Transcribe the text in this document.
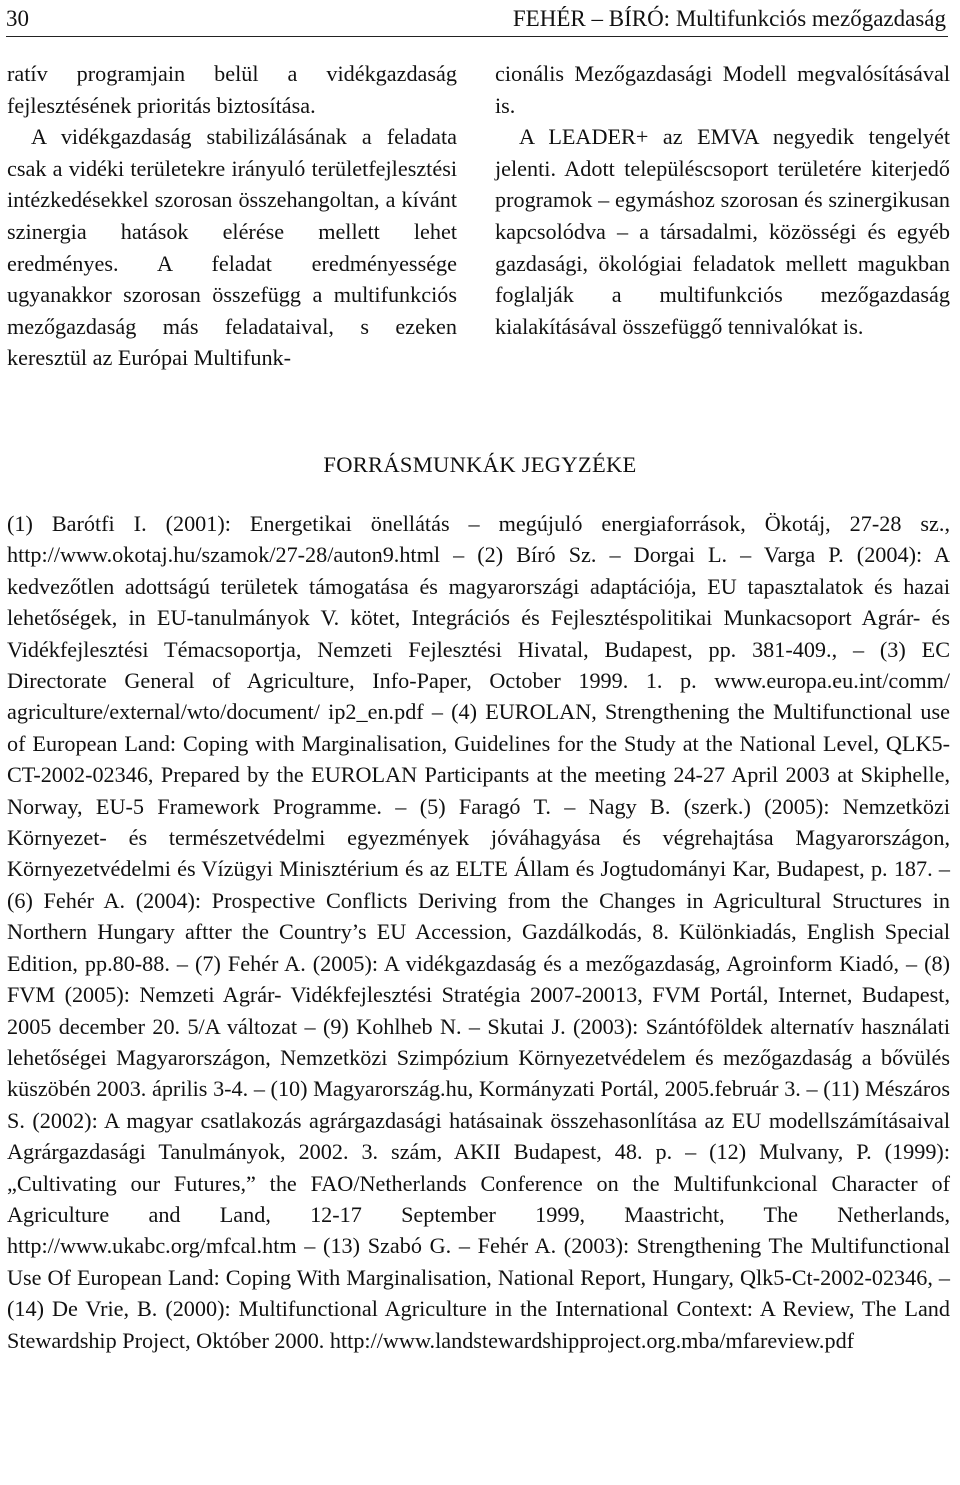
30	FEHÉR – BÍRÓ: Multifunkciós mezőgazdaság

ratív programjain belül a vidékgazdaság fejlesztésének prioritás biztosítása.

A vidékgazdaság stabilizálásának a feladata csak a vidéki területekre irányuló területfejlesztési intézkedésekkel szorosan összehangoltan, a kívánt szinergia hatások elérése mellett lehet eredményes. A feladat eredményessége ugyanakkor szorosan összefügg a multifunkciós mezőgazdaság más feladataival, s ezeken keresztül az Európai Multifunk-

cionális Mezőgazdasági Modell megvalósításával is.

A LEADER+ az EMVA negyedik tengelyét jelenti. Adott településcsoport területére kiterjedő programok – egymáshoz szorosan és szinergikusan kapcsolódva – a társadalmi, közösségi és egyéb gazdasági, ökológiai feladatok mellett magukban foglalják a multifunkciós mezőgazdaság kialakításával összefüggő tennivalókat is.

FORRÁSMUNKÁK JEGYZÉKE

(1) Barótfi I. (2001): Energetikai önellátás – megújuló energiaforrások, Ökotáj, 27-28 sz., http://www.okotaj.hu/szamok/27-28/auton9.html – (2) Bíró Sz. – Dorgai L. – Varga P. (2004): A kedvezőtlen adottságú területek támogatása és magyarországi adaptációja, EU tapasztalatok és hazai lehetőségek, in EU-tanulmányok V. kötet, Integrációs és Fejlesztéspolitikai Munkacsoport Agrár- és Vidékfejlesztési Témacsoportja, Nemzeti Fejlesztési Hivatal, Budapest, pp. 381-409., – (3) EC Directorate General of Agriculture, Info-Paper, October 1999. 1. p. www.europa.eu.int/comm/ agriculture/external/wto/document/ ip2_en.pdf – (4) EUROLAN, Strengthening the Multifunctional use of European Land: Coping with Marginalisation, Guidelines for the Study at the National Level, QLK5-CT-2002-02346, Prepared by the EUROLAN Participants at the meeting 24-27 April 2003 at Skiphelle, Norway, EU-5 Framework Programme. – (5) Faragó T. – Nagy B. (szerk.) (2005): Nemzetközi Környezet- és természetvédelmi egyezmények jóváhagyása és végrehajtása Magyarországon, Környezetvédelmi és Vízügyi Minisztérium és az ELTE Állam és Jogtudományi Kar, Budapest, p. 187. – (6) Fehér A. (2004): Prospective Conflicts Deriving from the Changes in Agricultural Structures in Northern Hungary aftter the Country’s EU Accession, Gazdálkodás, 8. Különkiadás, English Special Edition, pp.80-88. – (7) Fehér A. (2005): A vidékgazdaság és a mezőgazdaság, Agroinform Kiadó, – (8) FVM (2005): Nemzeti Agrár- Vidékfejlesztési Stratégia 2007-20013, FVM Portál, Internet, Budapest, 2005 december 20. 5/A változat – (9) Kohlheb N. – Skutai J. (2003): Szántóföldek alternatív használati lehetőségei Magyarországon, Nemzetközi Szimpózium Környezetvédelem és mezőgazdaság a bővülés küszöbén 2003. április 3-4. – (10) Magyarország.hu, Kormányzati Portál, 2005.február 3. – (11) Mészáros S. (2002): A magyar csatlakozás agrárgazdasági hatásainak összehasonlítása az EU modellszámításaival Agrárgazdasági Tanulmányok, 2002. 3. szám, AKII Budapest, 48. p. – (12) Mulvany, P. (1999): „Cultivating our Futures,” the FAO/Netherlands Conference on the Multifunkcional Character of Agriculture and Land, 12-17 September 1999, Maastricht, The Netherlands, http://www.ukabc.org/mfcal.htm – (13) Szabó G. – Fehér A. (2003): Strengthening The Multifunctional Use Of European Land: Coping With Marginalisation, National Report, Hungary, Qlk5-Ct-2002-02346, – (14) De Vrie, B. (2000): Multifunctional Agriculture in the International Context: A Review, The Land Stewardship Project, Október 2000. http://www.landstewardshipproject.org.mba/mfareview.pdf
